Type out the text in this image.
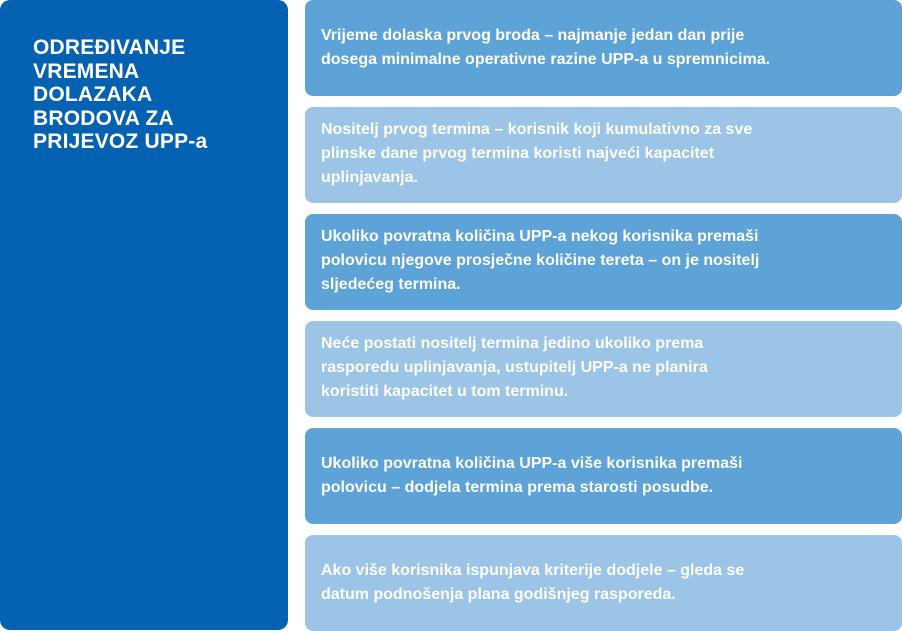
ODREĐIVANJE
VREMENA
DOLAZAKA
BRODOVA ZA
PRIJEVOZ UPP-a

Vrijeme dolaska prvog broda – najmanje jedan dan prije
dosega minimalne operativne razine UPP-a u spremnicima.

Nositelj prvog termina – korisnik koji kumulativno za sve
plinske dane prvog termina koristi najveći kapacitet
uplinjavanja.

Ukoliko povratna količina UPP-a nekog korisnika premaši
polovicu njegove prosječne količine tereta – on je nositelj
sljedećeg termina.

Neće postati nositelj termina jedino ukoliko prema
rasporedu uplinjavanja, ustupitelj UPP-a ne planira
koristiti kapacitet u tom terminu.

Ukoliko povratna količina UPP-a više korisnika premaši
polovicu – dodjela termina prema starosti posudbe.

Ako više korisnika ispunjava kriterije dodjele – gleda se
datum podnošenja plana godišnjeg rasporeda.
